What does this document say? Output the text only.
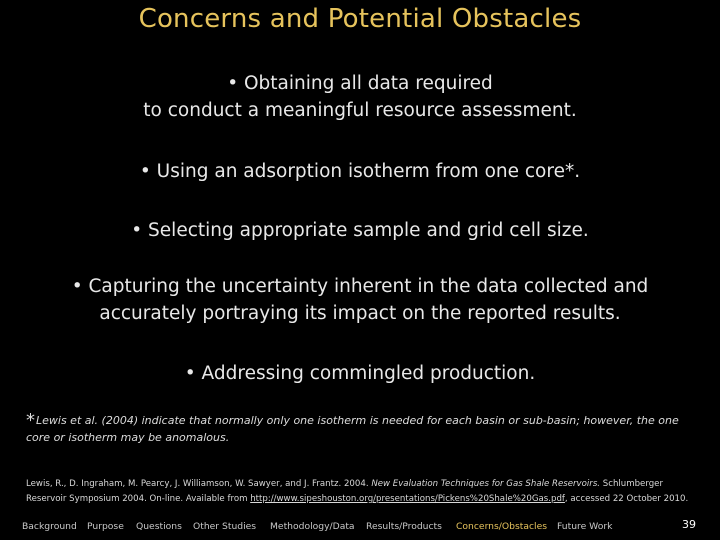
Concerns and Potential Obstacles
• Obtaining all data required
to conduct a meaningful resource assessment.
• Using an adsorption isotherm from one core*.
• Selecting appropriate sample and grid cell size.
• Capturing the uncertainty inherent in the data collected and
accurately portraying its impact on the reported results.
• Addressing commingled production.
*Lewis et al. (2004) indicate that normally only one isotherm is needed for each basin or sub-basin; however, the one core or isotherm may be anomalous.
Lewis, R., D. Ingraham, M. Pearcy, J. Williamson, W. Sawyer, and J. Frantz. 2004. New Evaluation Techniques for Gas Shale Reservoirs. Schlumberger Reservoir Symposium 2004. On-line. Available from http://www.sipeshouston.org/presentations/Pickens%20Shale%20Gas.pdf, accessed 22 October 2010.
Background Purpose Questions Other Studies Methodology/Data Results/Products Concerns/Obstacles Future Work	39
